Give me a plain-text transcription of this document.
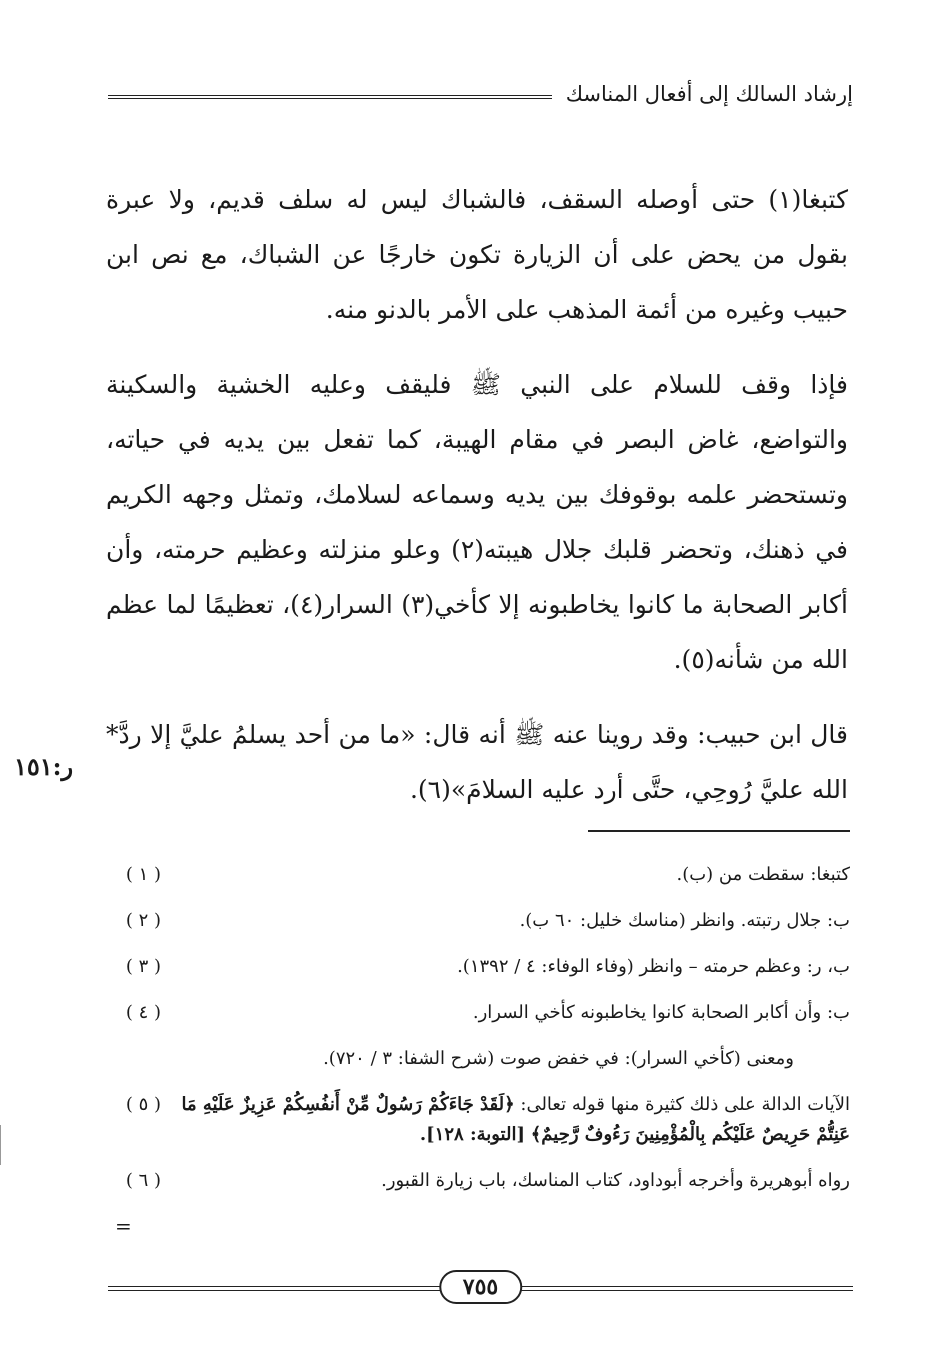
إرشاد السالك إلى أفعال المناسك

كتبغا(١) حتى أوصله السقف، فالشباك ليس له سلف قديم، ولا عبرة بقول من يحض على أن الزيارة تكون خارجًا عن الشباك، مع نص ابن حبيب وغيره من أئمة المذهب على الأمر بالدنو منه.

فإذا وقف للسلام على النبي ﷺ فليقف وعليه الخشية والسكينة والتواضع، غاض البصر في مقام الهيبة، كما تفعل بين يديه في حياته، وتستحضر علمه بوقوفك بين يديه وسماعه لسلامك، وتمثل وجهه الكريم في ذهنك، وتحضر قلبك جلال هيبته(٢) وعلو منزلته وعظيم حرمته، وأن أكابر الصحابة ما كانوا يخاطبونه إلا كأخي(٣) السرار(٤)، تعظيمًا لما عظم الله من شأنه(٥).

قال ابن حبيب: وقد روينا عنه ﷺ أنه قال: «ما من أحد يسلمُ عليَّ إلا ردَّ* الله عليَّ رُوحِي، حتَّى أرد عليه السلامَ»(٦).

ر:١٥١
( ١ )	كتبغا: سقطت من (ب).
( ٢ )	ب: جلال رتبته. وانظر (مناسك خليل: ٦٠ ب).
( ٣ )	ب، ر: وعظم حرمته – وانظر (وفاء الوفاء: ٤ / ١٣٩٢).
( ٤ )	ب: وأن أكابر الصحابة كانوا يخاطبونه كأخي السرار.
ومعنى (كأخي السرار): في خفض صوت (شرح الشفا: ٣ / ٧٢٠).
( ٥ )	الآيات الدالة على ذلك كثيرة منها قوله تعالى: ﴿لَقَدْ جَاءَكُمْ رَسُولٌ مِّنْ أَنفُسِكُمْ عَزِيزٌ عَلَيْهِ مَا عَنِتُّمْ حَرِيصٌ عَلَيْكُم بِالْمُؤْمِنِينَ رَءُوفٌ رَّحِيمٌ﴾ [التوبة: ١٢٨].
( ٦ )	رواه أبوهريرة وأخرجه أبوداود، كتاب المناسك، باب زيارة القبور.
=
٧٥٥
